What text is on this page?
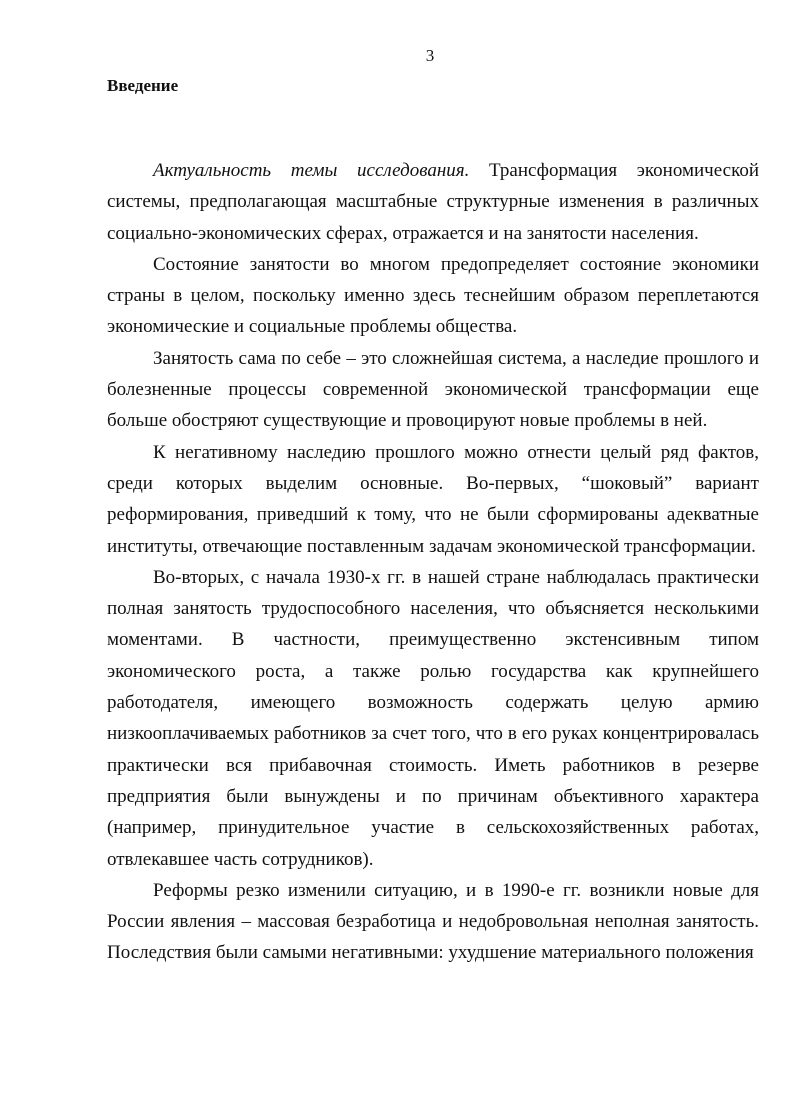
3
Введение

Актуальность темы исследования. Трансформация экономической системы, предполагающая масштабные структурные изменения в различных социально-экономических сферах, отражается и на занятости населения.

Состояние занятости во многом предопределяет состояние экономики страны в целом, поскольку именно здесь теснейшим образом переплетаются экономические и социальные проблемы общества.

Занятость сама по себе – это сложнейшая система, а наследие прошлого и болезненные процессы современной экономической трансформации еще больше обостряют существующие и провоцируют новые проблемы в ней.

К негативному наследию прошлого можно отнести целый ряд фактов, среди которых выделим основные. Во-первых, “шоковый” вариант реформирования, приведший к тому, что не были сформированы адекватные институты, отвечающие поставленным задачам экономической трансформации.

Во-вторых, с начала 1930-х гг. в нашей стране наблюдалась практически полная занятость трудоспособного населения, что объясняется несколькими моментами. В частности, преимущественно экстенсивным типом экономического роста, а также ролью государства как крупнейшего работодателя, имеющего возможность содержать целую армию низкооплачиваемых работников за счет того, что в его руках концентрировалась практически вся прибавочная стоимость. Иметь работников в резерве предприятия были вынуждены и по причинам объективного характера (например, принудительное участие в сельскохозяйственных работах, отвлекавшее часть сотрудников).

Реформы резко изменили ситуацию, и в 1990-е гг. возникли новые для России явления – массовая безработица и недобровольная неполная занятость. Последствия были самыми негативными: ухудшение материального положения
